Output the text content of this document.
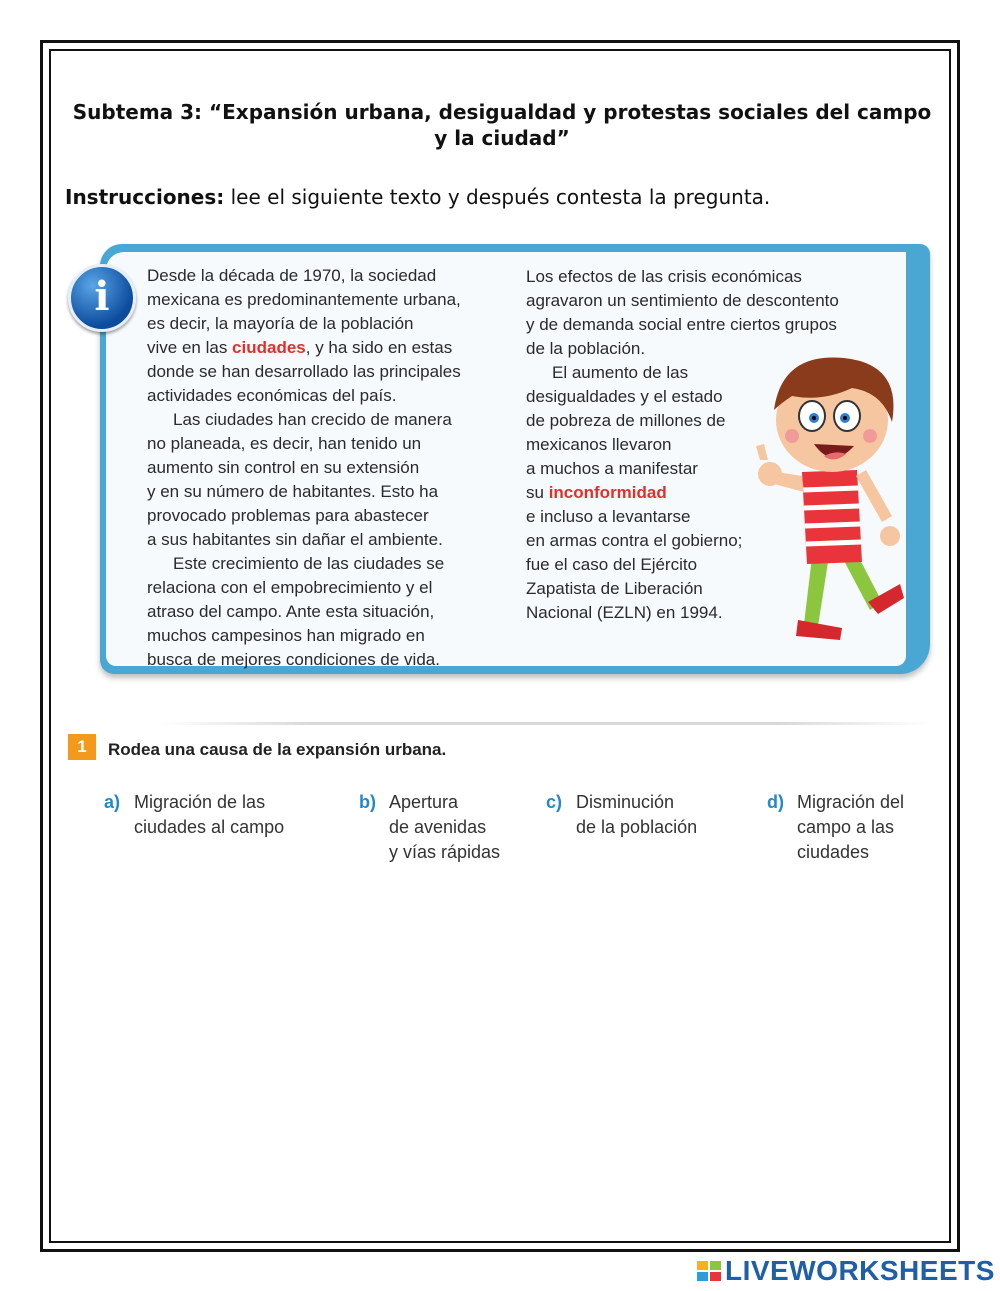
Subtema 3: “Expansión urbana, desigualdad y protestas sociales del campo y la ciudad”
Instrucciones: lee el siguiente texto y después contesta la pregunta.
i	Desde la década de 1970, la sociedad
mexicana es predominantemente urbana,
es decir, la mayoría de la población
vive en las ciudades, y ha sido en estas
donde se han desarrollado las principales
actividades económicas del país.
Las ciudades han crecido de manera
no planeada, es decir, han tenido un
aumento sin control en su extensión
y en su número de habitantes. Esto ha
provocado problemas para abastecer
a sus habitantes sin dañar el ambiente.
Este crecimiento de las ciudades se
relaciona con el empobrecimiento y el
atraso del campo. Ante esta situación,
muchos campesinos han migrado en
busca de mejores condiciones de vida.
Los efectos de las crisis económicas
agravaron un sentimiento de descontento
y de demanda social entre ciertos grupos
de la población.
El aumento de las
desigualdades y el estado
de pobreza de millones de
mexicanos llevaron
a muchos a manifestar
su inconformidad
e incluso a levantarse
en armas contra el gobierno;
fue el caso del Ejército
Zapatista de Liberación
Nacional (EZLN) en 1994.
1	Rodea una causa de la expansión urbana.
a) Migración de las
ciudades al campo
b) Apertura
de avenidas
y vías rápidas
c) Disminución
de la población
d) Migración del
campo a las
ciudades
LIVEWORKSHEETS
